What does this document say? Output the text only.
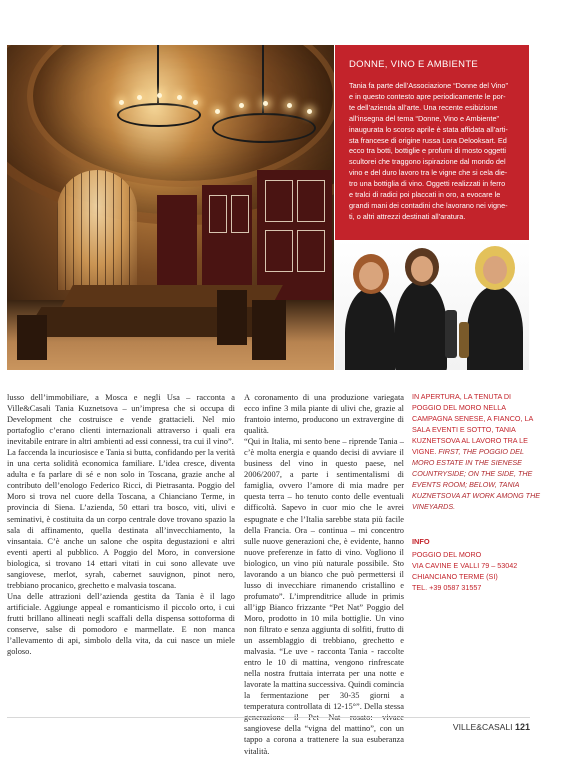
DONNE, VINO E AMBIENTE
Tania fa parte dell’Associazione “Donne del Vino”
e in questo contesto apre periodicamente le por-
te dell’azienda all’arte. Una recente esibizione
all’insegna del tema “Donne, Vino e Ambiente”
inaugurata lo scorso aprile è stata affidata all’arti-
sta francese di origine russa Lora Delooksart. Ed
ecco tra botti, bottiglie e profumi di mosto oggetti
scultorei che traggono ispirazione dal mondo del
vino e del duro lavoro tra le vigne che si cela die-
tro una bottiglia di vino. Oggetti realizzati in ferro
e tralci di radici poi placcati in oro, a evocare le
grandi mani dei contadini che lavorano nei vigne-
ti, o altri attrezzi destinati all’aratura.
lusso dell’immobiliare, a Mosca e negli Usa – racconta a Ville&Casali Tania Kuznetsova – un’impresa che si occupa di Development che costruisce e vende grattacieli. Nel mio portafoglio c’erano clienti internazionali attraverso i quali era inevitabile entrare in altri ambienti ad essi connessi, tra cui il vino”.
La faccenda la incuriosisce e Tania si butta, confidando per la verità in una certa solidità economica familiare. L’idea cresce, diventa adulta e fa parlare di sé e non solo in Toscana, grazie anche al contributo dell’enologo Federico Ricci, di Pietrasanta. Poggio del Moro si trova nel cuore della Toscana, a Chianciano Terme, in provincia di Siena. L’azienda, 50 ettari tra bosco, viti, ulivi e seminativi, è costituita da un corpo centrale dove trovano spazio la sala di affinamento, quella destinata all’invecchiamento, la vinsantaia. C’è anche un salone che ospita degustazioni e altri eventi aperti al pubblico. A Poggio del Moro, in conversione biologica, si trovano 14 ettari vitati in cui sono allevate uve sangiovese, merlot, syrah, cabernet sauvignon, pinot nero, trebbiano procanico, grechetto e malvasia toscana.
Una delle attrazioni dell’azienda gestita da Tania è il lago artificiale. Aggiunge appeal e romanticismo il piccolo orto, i cui frutti brillano allineati negli scaffali della dispensa sottoforma di conserve, salse di pomodoro e marmellate. E non manca l’allevamento di api, simbolo della vita, da cui nasce un miele goloso.
A coronamento di una produzione variegata ecco infine 3 mila piante di ulivi che, grazie al frantoio interno, producono un extravergine di qualità.
“Qui in Italia, mi sento bene – riprende Tania – c’è molta energia e quando decisi di avviare il business del vino in questo paese, nel 2006/2007, a parte i sentimentalismi di famiglia, ovvero l’amore di mia madre per questa terra – ho tenuto conto delle eventuali difficoltà. Sapevo in cuor mio che le avrei espugnate e che l’Italia sarebbe stata più facile della Francia. Ora – continua – mi concentro sulle nuove generazioni che, è evidente, hanno nuove preferenze in fatto di vino. Vogliono il biologico, un vino più naturale possibile. Sto lavorando a un bianco che può permettersi il lusso di invecchiare rimanendo cristallino e profumato”. L’imprenditrice allude in primis all’igp Bianco frizzante “Pet Nat” Poggio del Moro, prodotto in 10 mila bottiglie. Un vino non filtrato e senza aggiunta di solfiti, frutto di un assemblaggio di trebbiano, grechetto e malvasia. “Le uve - racconta Tania - raccolte entro le 10 di mattina, vengono rinfrescate nella nostra fruttaia interrata per una notte e lavorate la mattina successiva. Quindi comincia la fermentazione per 30-35 giorni a temperatura controllata di 12-15°”. Della stessa sangiovese della “vigna del mattino”, con un tappo a corona a trattenere la sua esuberanza vitalità.
IN APERTURA, LA TENUTA DI POGGIO DEL MORO NELLA CAMPAGNA SENESE, A FIANCO, LA SALA EVENTI E SOTTO, TANIA KUZNETSOVA AL LAVORO TRA LE VIGNE. FIRST, THE POGGIO DEL MORO ESTATE IN THE SIENESE COUNTRYSIDE; ON THE SIDE, THE EVENTS ROOM; BELOW, TANIA KUZNETSOVA AT WORK AMONG THE VINEYARDS.
INFO
POGGIO DEL MORO
VIA CAVINE E VALLI 79 – 53042
CHIANCIANO TERME (SI)
TEL. +39 0587 31557
VILLE&CASALI 121
